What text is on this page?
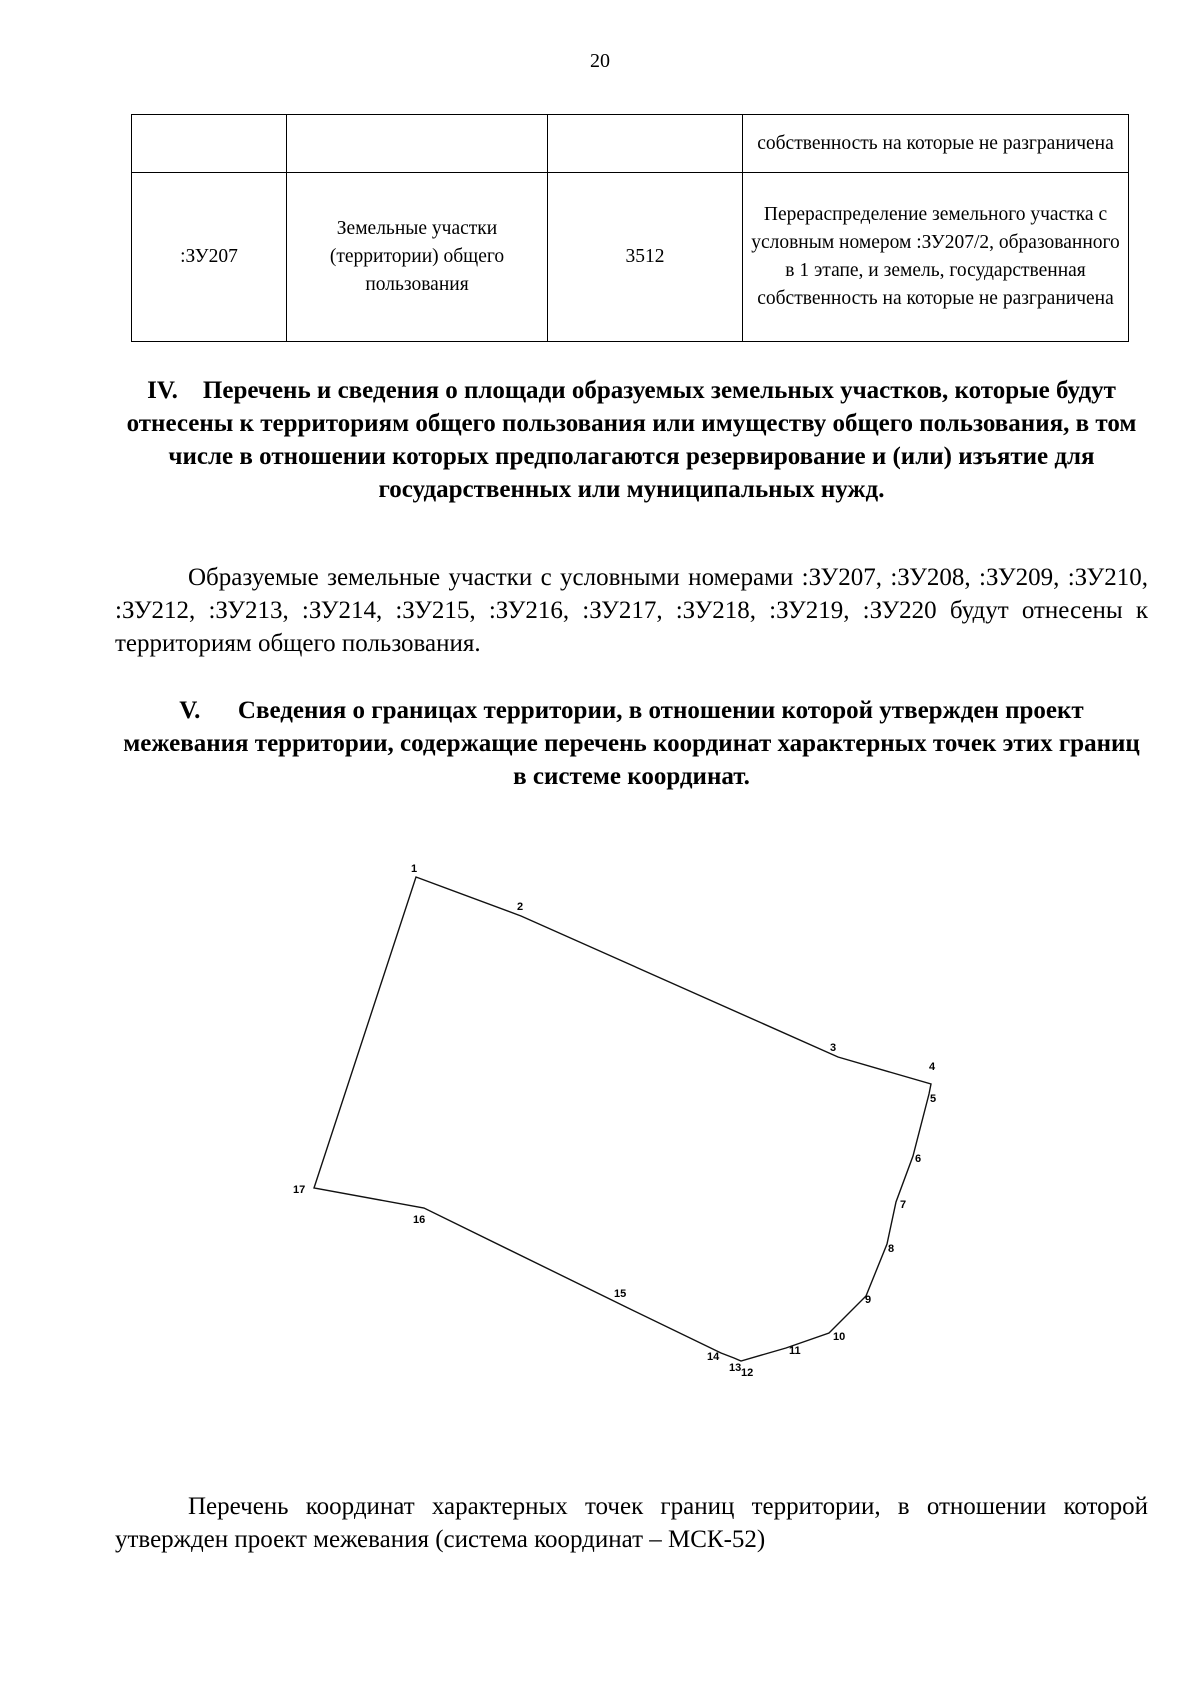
20
			собственность на которые не разграничена
:ЗУ207	Земельные участки (территории) общего пользования	3512	Перераспределение земельного участка с условным номером :ЗУ207/2, образованного в 1 этапе, и земель, государственная собственность на которые не разграничена
IV. Перечень и сведения о площади образуемых земельных участков, которые будут отнесены к территориям общего пользования или имуществу общего пользования, в том числе в отношении которых предполагаются резервирование и (или) изъятие для государственных или муниципальных нужд.
Образуемые земельные участки с условными номерами :ЗУ207, :ЗУ208, :ЗУ209, :ЗУ210, :ЗУ212, :ЗУ213, :ЗУ214, :ЗУ215, :ЗУ216, :ЗУ217, :ЗУ218, :ЗУ219, :ЗУ220 будут отнесены к территориям общего пользования.
V. Сведения о границах территории, в отношении которой утвержден проект межевания территории, содержащие перечень координат характерных точек этих границ в системе координат.
1
2
3
4
5
6
7
8
9
10
11
12
13
14
15
16
17
Перечень координат характерных точек границ территории, в отношении которой утвержден проект межевания (система координат – МСК-52)
